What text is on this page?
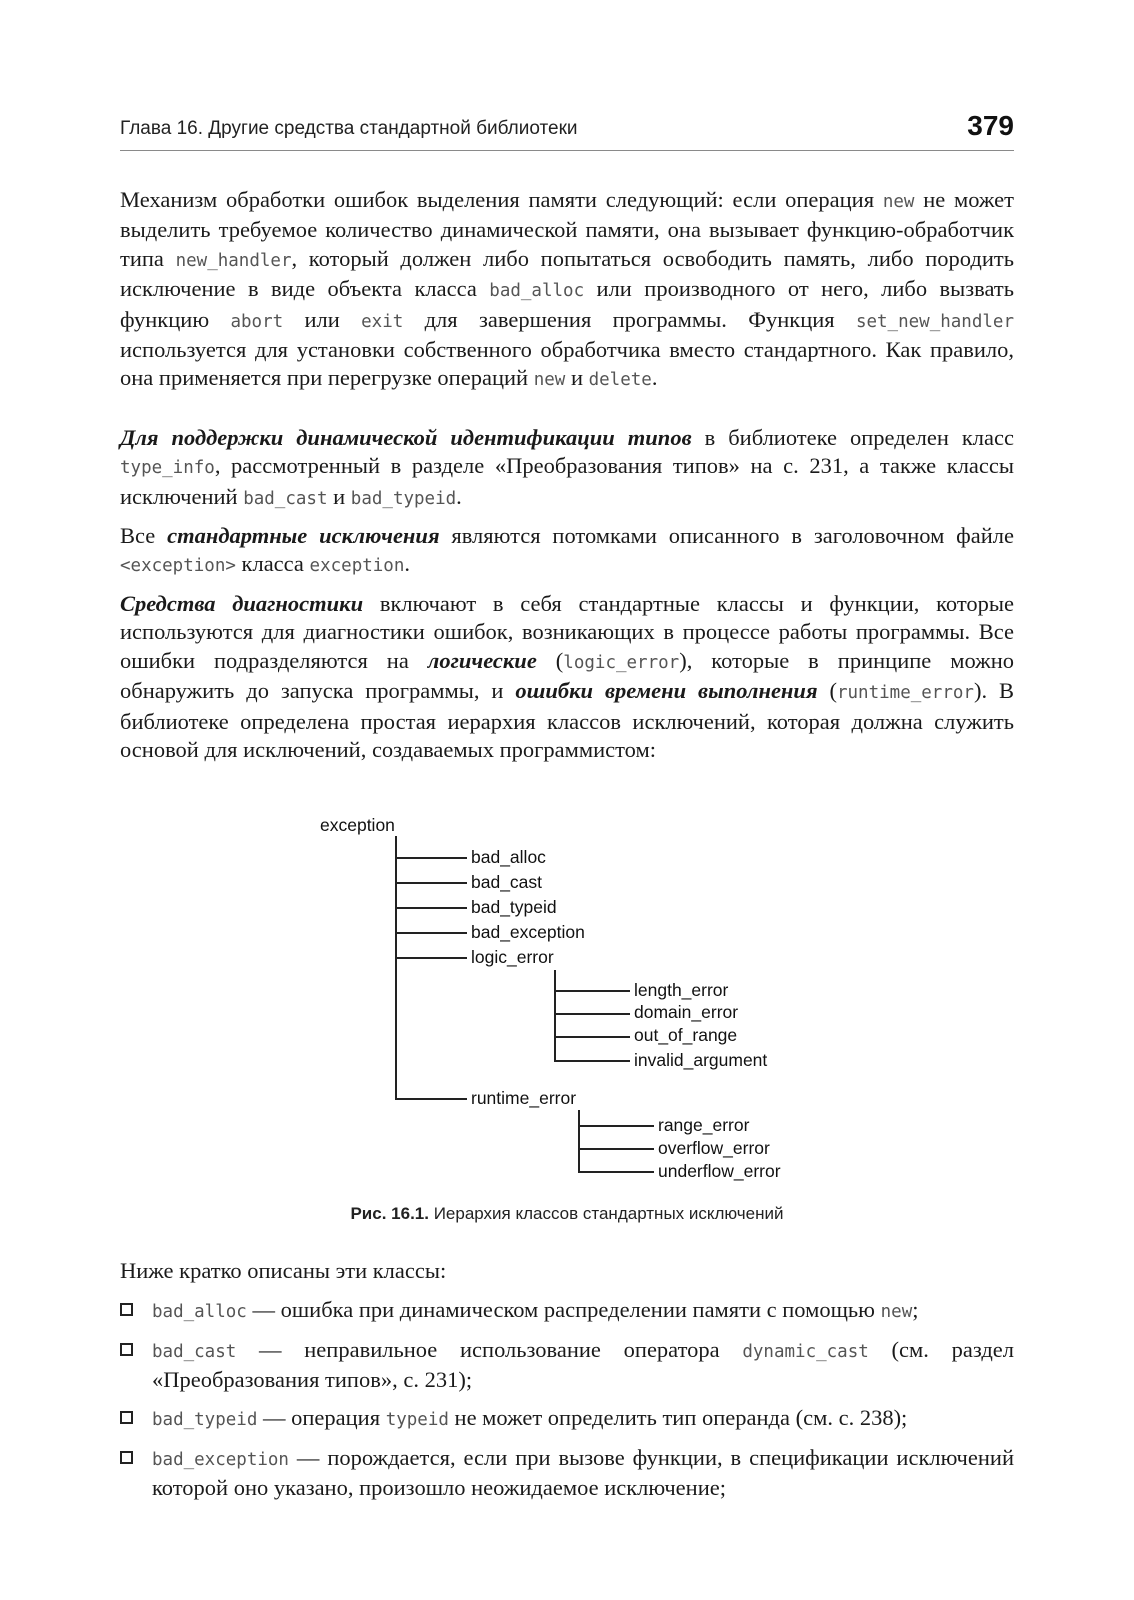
Глава 16. Другие средства стандартной библиотеки	379

Механизм обработки ошибок выделения памяти следующий: если операция new не может выделить требуемое количество динамической памяти, она вызывает функцию-обработчик типа new_handler, который должен либо попытаться освободить память, либо породить исключение в виде объекта класса bad_alloc или производного от него, либо вызвать функцию abort или exit для завершения программы. Функция set_new_handler используется для установки собственного обработчика вместо стандартного. Как правило, она применяется при перегрузке операций new и delete.

Для поддержки динамической идентификации типов в библиотеке определен класс type_info, рассмотренный в разделе «Преобразования типов» на с. 231, а также классы исключений bad_cast и bad_typeid.

Все стандартные исключения являются потомками описанного в заголовочном файле <exception> класса exception.

Средства диагностики включают в себя стандартные классы и функции, которые используются для диагностики ошибок, возникающих в процессе работы программы. Все ошибки подразделяются на логические (logic_error), которые в принципе можно обнаружить до запуска программы, и ошибки времени выполнения (runtime_error). В библиотеке определена простая иерархия классов исключений, которая должна служить основой для исключений, создаваемых программистом:

exception
bad_alloc
bad_cast
bad_typeid
bad_exception
logic_error
length_error
domain_error
out_of_range
invalid_argument
runtime_error
range_error
overflow_error
underflow_error
Рис. 16.1. Иерархия классов стандартных исключений

Ниже кратко описаны эти классы:

bad_alloc — ошибка при динамическом распределении памяти с помощью new;
bad_cast — неправильное использование оператора dynamic_cast (см. раздел «Преобразования типов», с. 231);
bad_typeid — операция typeid не может определить тип операнда (см. с. 238);
bad_exception — порождается, если при вызове функции, в спецификации исключений которой оно указано, произошло неожидаемое исключение;
